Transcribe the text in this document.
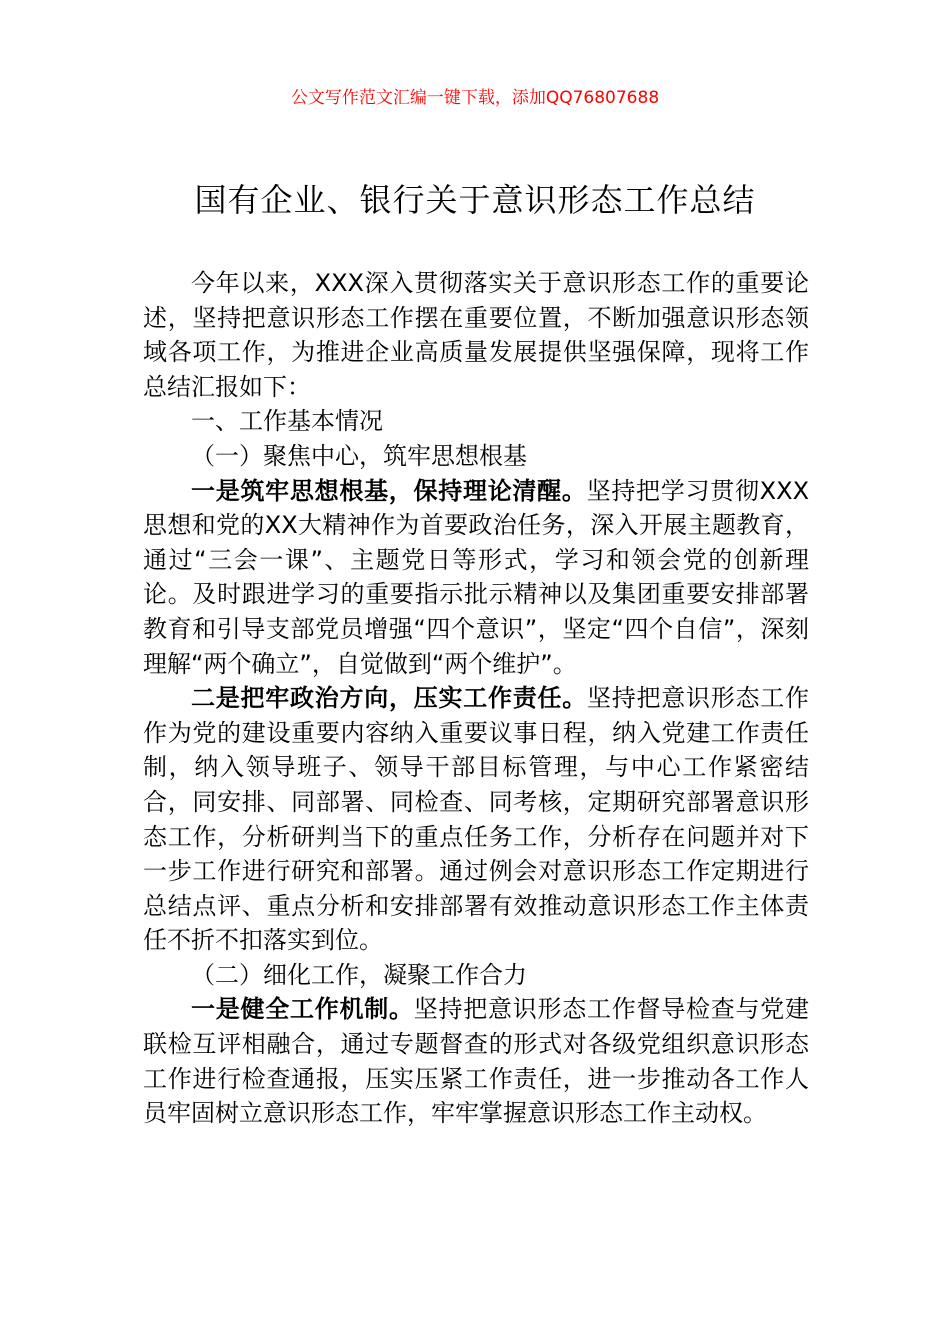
公文写作范文汇编一键下载，添加QQ76807688
国有企业、银行关于意识形态工作总结

今年以来，XXX深入贯彻落实关于意识形态工作的重要论述，坚持把意识形态工作摆在重要位置，不断加强意识形态领域各项工作，为推进企业高质量发展提供坚强保障，现将工作总结汇报如下：

一、工作基本情况

（一）聚焦中心，筑牢思想根基

一是筑牢思想根基，保持理论清醒。坚持把学习贯彻XXX思想和党的XX大精神作为首要政治任务，深入开展主题教育，通过“三会一课”、主题党日等形式，学习和领会党的创新理论。及时跟进学习的重要指示批示精神以及集团重要安排部署教育和引导支部党员增强“四个意识”，坚定“四个自信”，深刻理解“两个确立”，自觉做到“两个维护”。

二是把牢政治方向，压实工作责任。坚持把意识形态工作作为党的建设重要内容纳入重要议事日程，纳入党建工作责任制，纳入领导班子、领导干部目标管理，与中心工作紧密结合，同安排、同部署、同检查、同考核，定期研究部署意识形态工作，分析研判当下的重点任务工作，分析存在问题并对下一步工作进行研究和部署。通过例会对意识形态工作定期进行总结点评、重点分析和安排部署有效推动意识形态工作主体责任不折不扣落实到位。

（二）细化工作，凝聚工作合力

一是健全工作机制。坚持把意识形态工作督导检查与党建联检互评相融合，通过专题督查的形式对各级党组织意识形态工作进行检查通报，压实压紧工作责任，进一步推动各工作人员牢固树立意识形态工作，牢牢掌握意识形态工作主动权。
